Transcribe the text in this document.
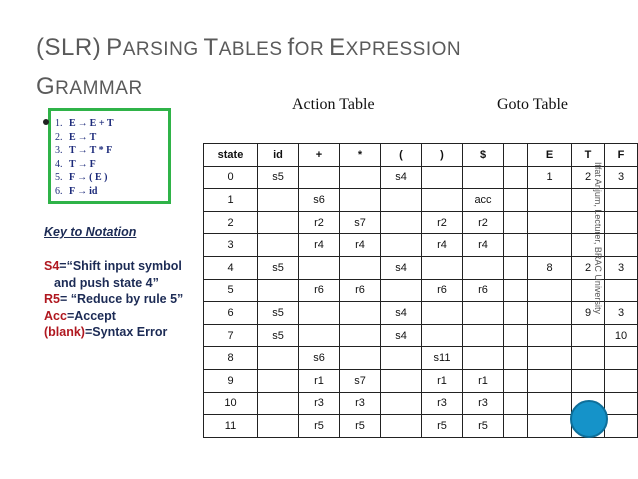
(SLR) PARSING TABLES fOR EXPRESSION
GRAMMAR
Action Table	Goto Table
1. E → E + T
2. E → T
3. T → T * F
4. T → F
5. F → ( E )
6. F → id
Key to Notation
S4=“Shift input symbol
and push state 4”
R5= “Reduce by rule 5”
Acc=Accept
(blank)=Syntax Error
state	id	+	*	(	)	$		E	T	F
0	s5			s4				1	2	3
1		s6				acc				
2		r2	s7		r2	r2				
3		r4	r4		r4	r4				
4	s5			s4				8	2	3
5		r6	r6		r6	r6				
6	s5			s4					9	3
7	s5			s4						10
8		s6			s11					
9		r1	s7		r1	r1				
10		r3	r3		r3	r3				
11		r5	r5		r5	r5				
Iffat Anjum, Lecturer, BRAC University
